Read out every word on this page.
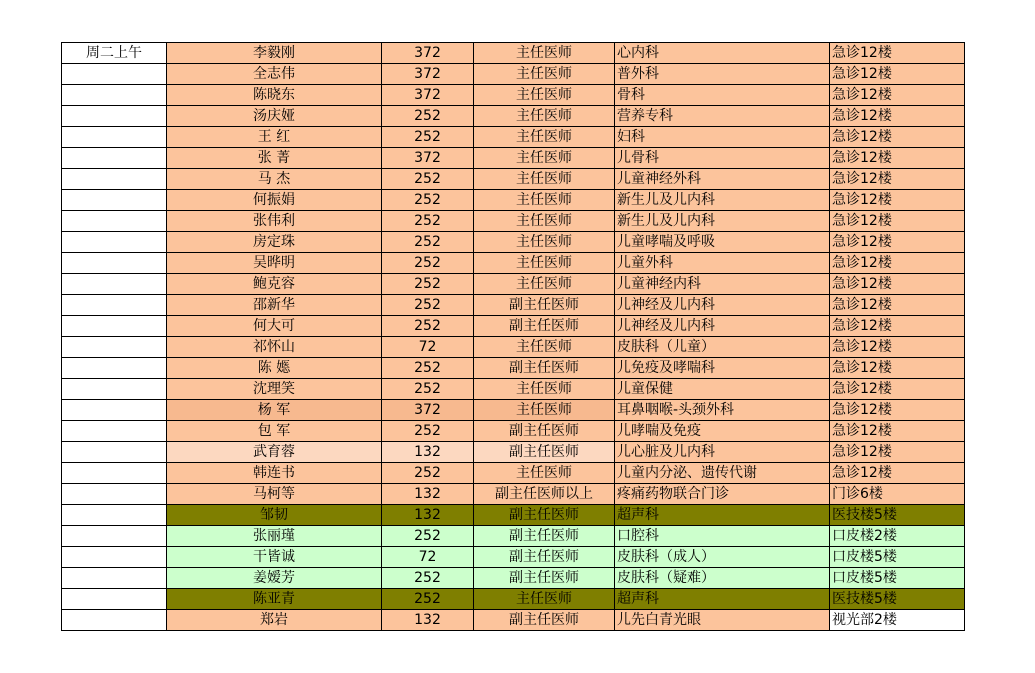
周二上午	李毅刚	372	主任医师	心内科	急诊12楼
	全志伟	372	主任医师	普外科	急诊12楼
	陈晓东	372	主任医师	骨科	急诊12楼
	汤庆娅	252	主任医师	营养专科	急诊12楼
	王 红	252	主任医师	妇科	急诊12楼
	张 菁	372	主任医师	儿骨科	急诊12楼
	马 杰	252	主任医师	儿童神经外科	急诊12楼
	何振娟	252	主任医师	新生儿及儿内科	急诊12楼
	张伟利	252	主任医师	新生儿及儿内科	急诊12楼
	房定珠	252	主任医师	儿童哮喘及呼吸	急诊12楼
	吴晔明	252	主任医师	儿童外科	急诊12楼
	鲍克容	252	主任医师	儿童神经内科	急诊12楼
	邵新华	252	副主任医师	儿神经及儿内科	急诊12楼
	何大可	252	副主任医师	儿神经及儿内科	急诊12楼
	祁怀山	72	主任医师	皮肤科（儿童）	急诊12楼
	陈 嫕	252	副主任医师	儿免疫及哮喘科	急诊12楼
	沈理笑	252	主任医师	儿童保健	急诊12楼
	杨 军	372	主任医师	耳鼻咽喉-头颈外科	急诊12楼
	包 军	252	副主任医师	儿哮喘及免疫	急诊12楼
	武育蓉	132	副主任医师	儿心脏及儿内科	急诊12楼
	韩连书	252	主任医师	儿童内分泌、遗传代谢	急诊12楼
	马柯等	132	副主任医师以上	疼痛药物联合门诊	门诊6楼
	邹韧	132	副主任医师	超声科	医技楼5楼
	张丽瑾	252	副主任医师	口腔科	口皮楼2楼
	干皆诚	72	副主任医师	皮肤科（成人）	口皮楼5楼
	姜嫒芳	252	副主任医师	皮肤科（疑难）	口皮楼5楼
	陈亚青	252	主任医师	超声科	医技楼5楼
	郑岩	132	副主任医师	儿先白青光眼	视光部2楼
